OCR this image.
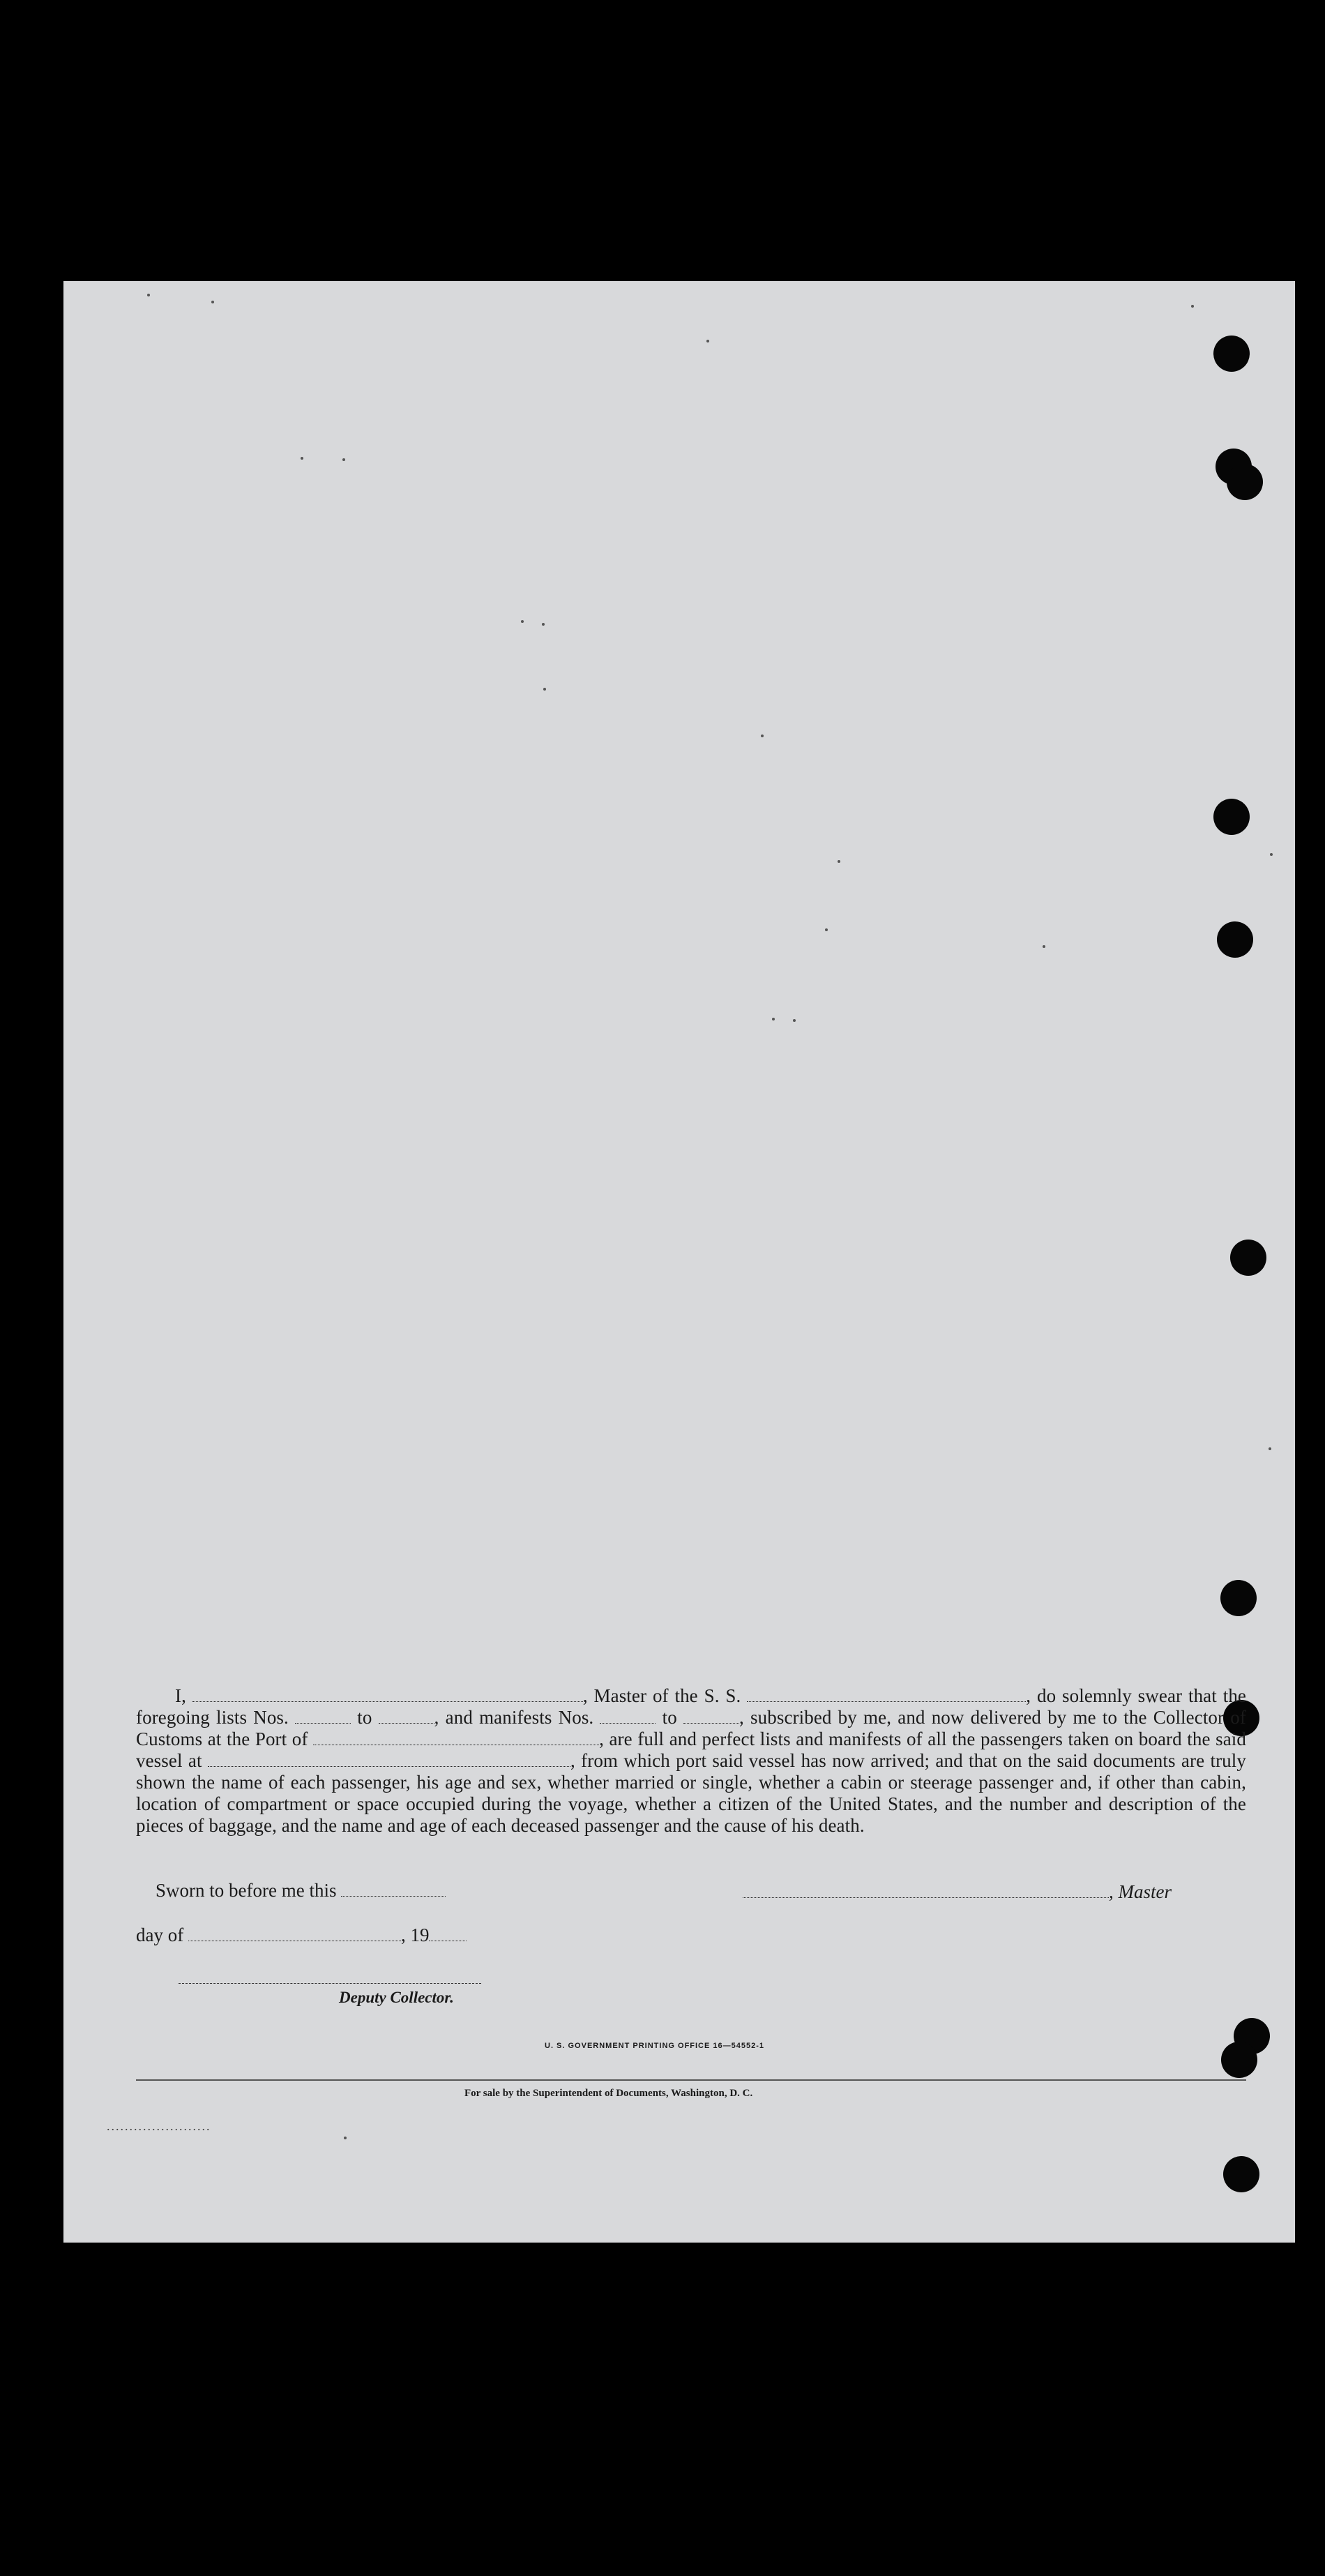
I,	, Master of the S. S.	, do solemnly swear that the foregoing lists Nos.	to	, and manifests Nos.	to	, subscribed by me, and now delivered by me to the Collector of Customs at the Port of	, are full and perfect lists and manifests of all the passengers taken on board the said vessel at	, from which port said vessel has now arrived; and that on the said documents are truly shown the name of each passenger, his age and sex, whether married or single, whether a cabin or steerage passenger and, if other than cabin, location of compartment or space occupied during the voyage, whether a citizen of the United States, and the number and description of the pieces of baggage, and the name and age of each deceased passenger and the cause of his death.

Sworn to before me this	, Master
day of	, 19
Deputy Collector.
U. S. GOVERNMENT PRINTING OFFICE 16—54552-1
For sale by the Superintendent of Documents, Washington, D. C.
.......................
